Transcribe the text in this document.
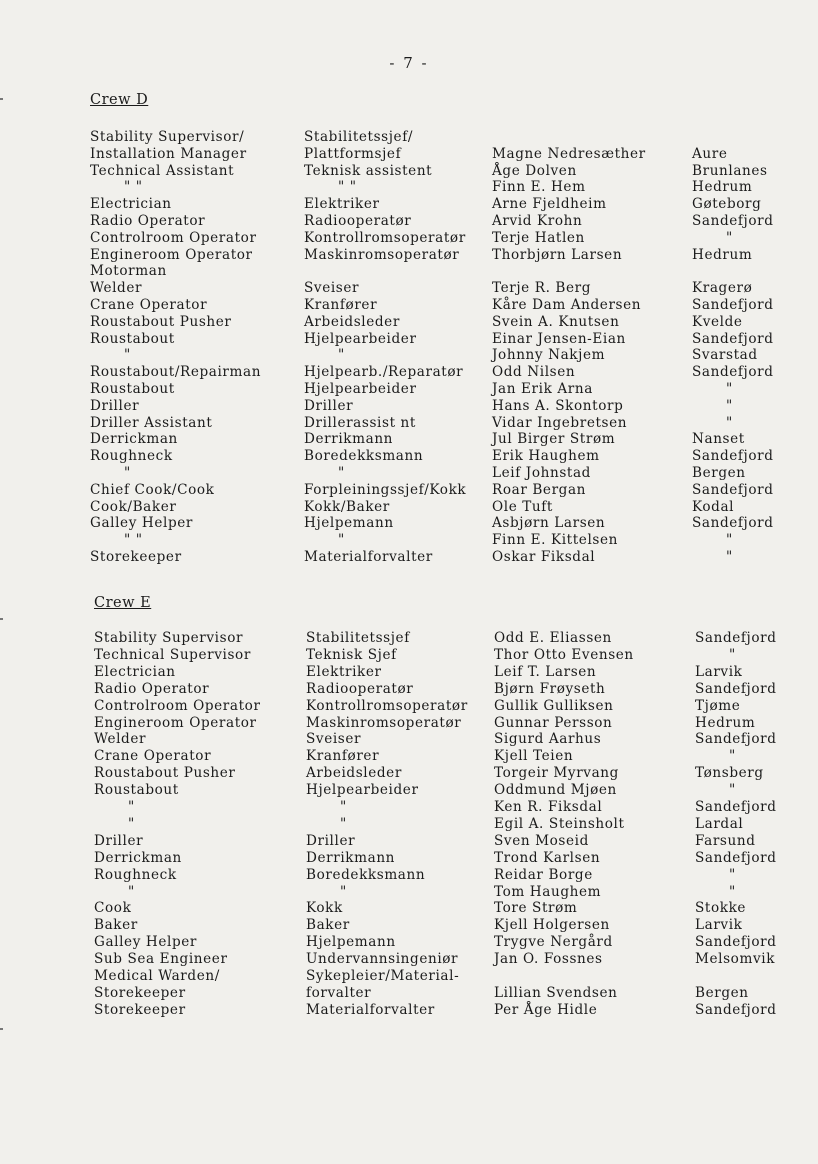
- 7 -
Crew D
Stability Supervisor/	Stabilitetssjef/
Installation Manager	Plattformsjef	Magne Nedresæther	Aure
Technical Assistant	Teknisk assistent	Åge Dolven	Brunlanes
" "	" "	Finn E. Hem	Hedrum
Electrician	Elektriker	Arne Fjeldheim	Gøteborg
Radio Operator	Radiooperatør	Arvid Krohn	Sandefjord
Controlroom Operator	Kontrollromsoperatør Terje Hatlen	"
Engineroom Operator	Maskinromsoperatør Thorbjørn Larsen	Hedrum
Motorman
Welder	Sveiser	Terje R. Berg	Kragerø
Crane Operator	Kranfører	Kåre Dam Andersen	Sandefjord
Roustabout Pusher	Arbeidsleder	Svein A. Knutsen	Kvelde
Roustabout	Hjelpearbeider	Einar Jensen-Eian	Sandefjord
"	"	Johnny Nakjem	Svarstad
Roustabout/Repairman	Hjelpearb./Reparatør Odd Nilsen	Sandefjord
Roustabout	Hjelpearbeider	Jan Erik Arna	"
Driller	Driller	Hans A. Skontorp	"
Driller Assistant	Drillerassist nt	Vidar Ingebretsen	"
Derrickman	Derrikmann	Jul Birger Strøm	Nanset
Roughneck	Boredekksmann	Erik Haughem	Sandefjord
"	"	Leif Johnstad	Bergen
Chief Cook/Cook	Forpleiningssjef/Kokk Roar Bergan	Sandefjord
Cook/Baker	Kokk/Baker	Ole Tuft	Kodal
Galley Helper	Hjelpemann	Asbjørn Larsen	Sandefjord
" "	"	Finn E. Kittelsen	"
Storekeeper	Materialforvalter	Oskar Fiksdal	"
Crew E
Stability Supervisor	Stabilitetssjef	Odd E. Eliassen	Sandefjord
Technical Supervisor	Teknisk Sjef	Thor Otto Evensen	"
Electrician	Elektriker	Leif T. Larsen	Larvik
Radio Operator	Radiooperatør	Bjørn Frøyseth	Sandefjord
Controlroom Operator	Kontrollromsoperatør Gullik Gulliksen	Tjøme
Engineroom Operator	Maskinromsoperatør Gunnar Persson	Hedrum
Welder	Sveiser	Sigurd Aarhus	Sandefjord
Crane Operator	Kranfører	Kjell Teien	"
Roustabout Pusher	Arbeidsleder	Torgeir Myrvang	Tønsberg
Roustabout	Hjelpearbeider	Oddmund Mjøen	"
"	"	Ken R. Fiksdal	Sandefjord
"	"	Egil A. Steinsholt	Lardal
Driller	Driller	Sven Moseid	Farsund
Derrickman	Derrikmann	Trond Karlsen	Sandefjord
Roughneck	Boredekksmann	Reidar Borge	"
"	"	Tom Haughem	"
Cook	Kokk	Tore Strøm	Stokke
Baker	Baker	Kjell Holgersen	Larvik
Galley Helper	Hjelpemann	Trygve Nergård	Sandefjord
Sub Sea Engineer	Undervannsingeniør	Jan O. Fossnes	Melsomvik
Medical Warden/	Sykepleier/Material-
Storekeeper	forvalter	Lillian Svendsen	Bergen
Storekeeper	Materialforvalter	Per Åge Hidle	Sandefjord
